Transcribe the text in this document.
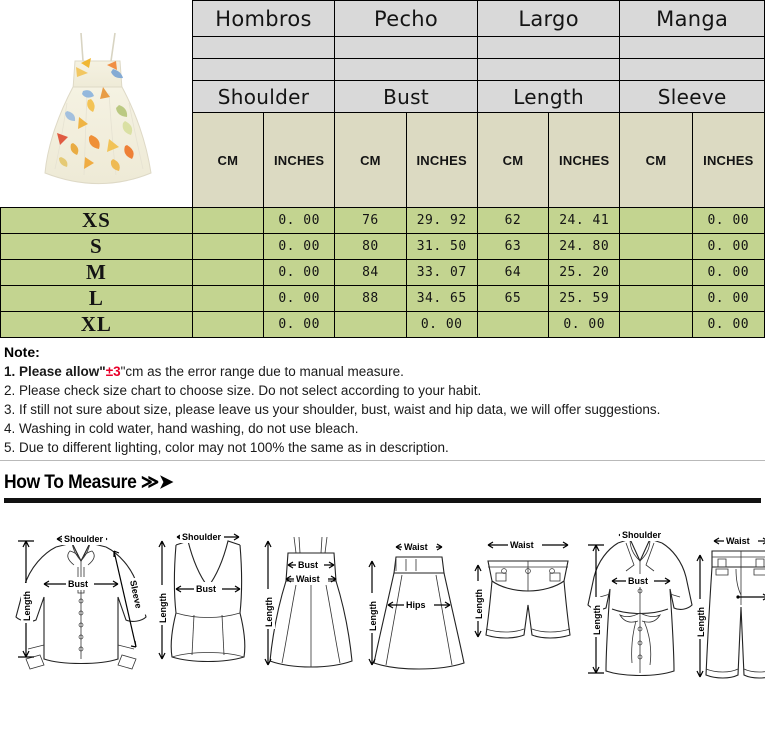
	Hombros		Pecho		Largo		Manga	

	Shoulder		Bust		Length		Sleeve	
	CM	INCHES	CM	INCHES	CM	INCHES	CM	INCHES
XS		0. 00	76	29. 92	62	24. 41		0. 00
S		0. 00	80	31. 50	63	24. 80		0. 00
M		0. 00	84	33. 07	64	25. 20		0. 00
L		0. 00	88	34. 65	65	25. 59		0. 00
XL		0. 00		0. 00		0. 00		0. 00
Note:
1. Please allow"±3"cm as the error range due to manual measure.
2. Please check size chart to choose size. Do not select according to your habit.
3. If still not sure about size, please leave us your shoulder, bust, waist and hip data, we will offer suggestions.
4. Washing in cold water, hand washing, do not use bleach.
5. Due to different lighting, color may not 100% the same as in description.
How To Measure ≫➤
Shoulder
Bust	Sleeve
Length
Shoulder
Bust
Length
Bust
Waist
Length
Waist
Hips
Length
Waist
Length
Shoulder
Bust
Length
Waist
Length
